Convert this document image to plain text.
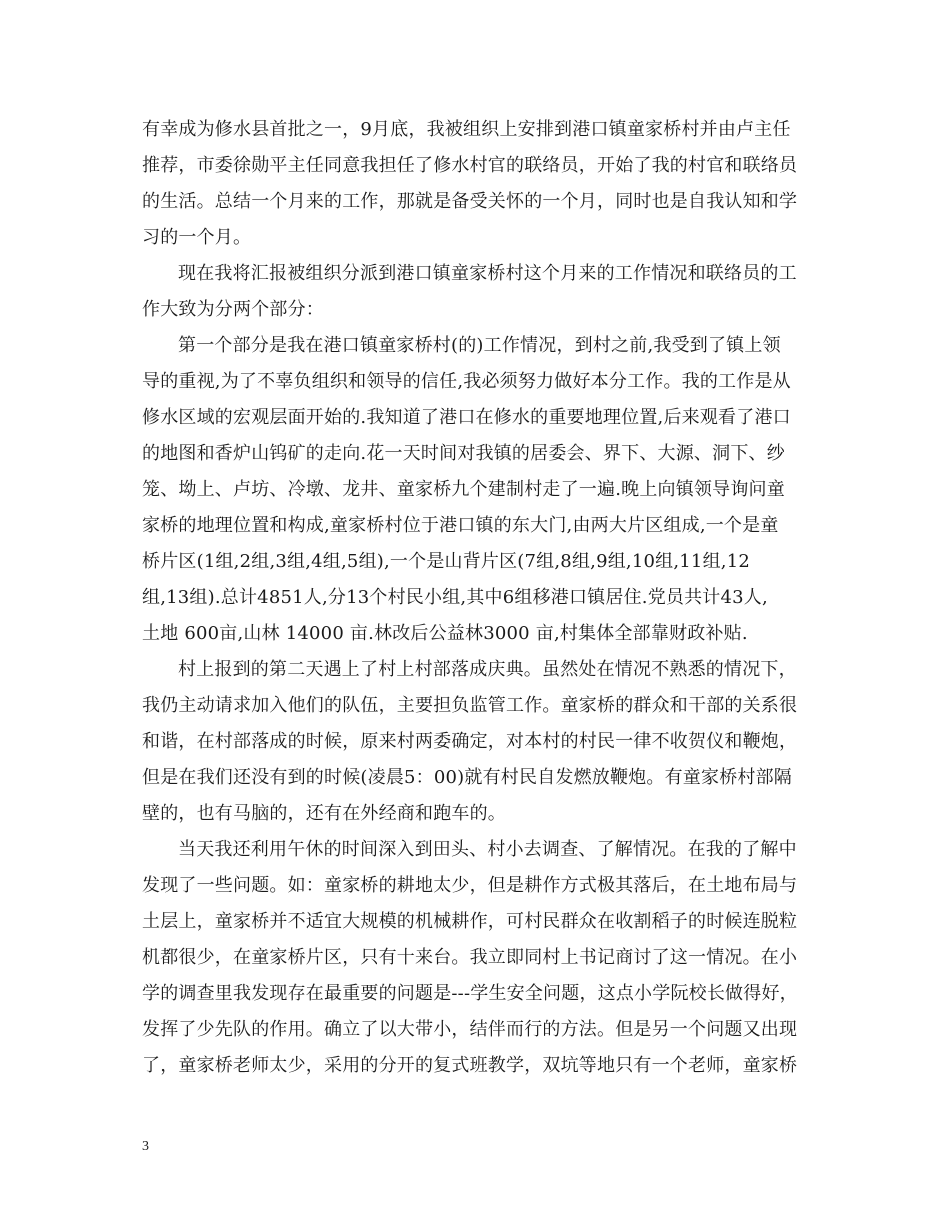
有幸成为修水县首批之一，9月底，我被组织上安排到港口镇童家桥村并由卢主任
推荐，市委徐勋平主任同意我担任了修水村官的联络员，开始了我的村官和联络员
的生活。总结一个月来的工作，那就是备受关怀的一个月，同时也是自我认知和学
习的一个月。
现在我将汇报被组织分派到港口镇童家桥村这个月来的工作情况和联络员的工
作大致为分两个部分：
第一个部分是我在港口镇童家桥村(的)工作情况，到村之前,我受到了镇上领
导的重视,为了不辜负组织和领导的信任,我必须努力做好本分工作。我的工作是从
修水区域的宏观层面开始的.我知道了港口在修水的重要地理位置,后来观看了港口
的地图和香炉山钨矿的走向.花一天时间对我镇的居委会、界下、大源、洞下、纱
笼、坳上、卢坊、冷墩、龙井、童家桥九个建制村走了一遍.晚上向镇领导询问童
家桥的地理位置和构成,童家桥村位于港口镇的东大门,由两大片区组成,一个是童
桥片区(1组,2组,3组,4组,5组),一个是山背片区(7组,8组,9组,10组,11组,12
组,13组).总计4851人,分13个村民小组,其中6组移港口镇居住.党员共计43人,
土地 600亩,山林 14000 亩.林改后公益林3000 亩,村集体全部靠财政补贴.
村上报到的第二天遇上了村上村部落成庆典。虽然处在情况不熟悉的情况下，
我仍主动请求加入他们的队伍，主要担负监管工作。童家桥的群众和干部的关系很
和谐，在村部落成的时候，原来村两委确定，对本村的村民一律不收贺仪和鞭炮，
但是在我们还没有到的时候(凌晨5：00)就有村民自发燃放鞭炮。有童家桥村部隔
壁的，也有马脑的，还有在外经商和跑车的。
当天我还利用午休的时间深入到田头、村小去调查、了解情况。在我的了解中
发现了一些问题。如：童家桥的耕地太少，但是耕作方式极其落后，在土地布局与
土层上，童家桥并不适宜大规模的机械耕作，可村民群众在收割稻子的时候连脱粒
机都很少，在童家桥片区，只有十来台。我立即同村上书记商讨了这一情况。在小
学的调查里我发现存在最重要的问题是---学生安全问题，这点小学阮校长做得好，
发挥了少先队的作用。确立了以大带小，结伴而行的方法。但是另一个问题又出现
了，童家桥老师太少，采用的分开的复式班教学，双坑等地只有一个老师，童家桥
3
